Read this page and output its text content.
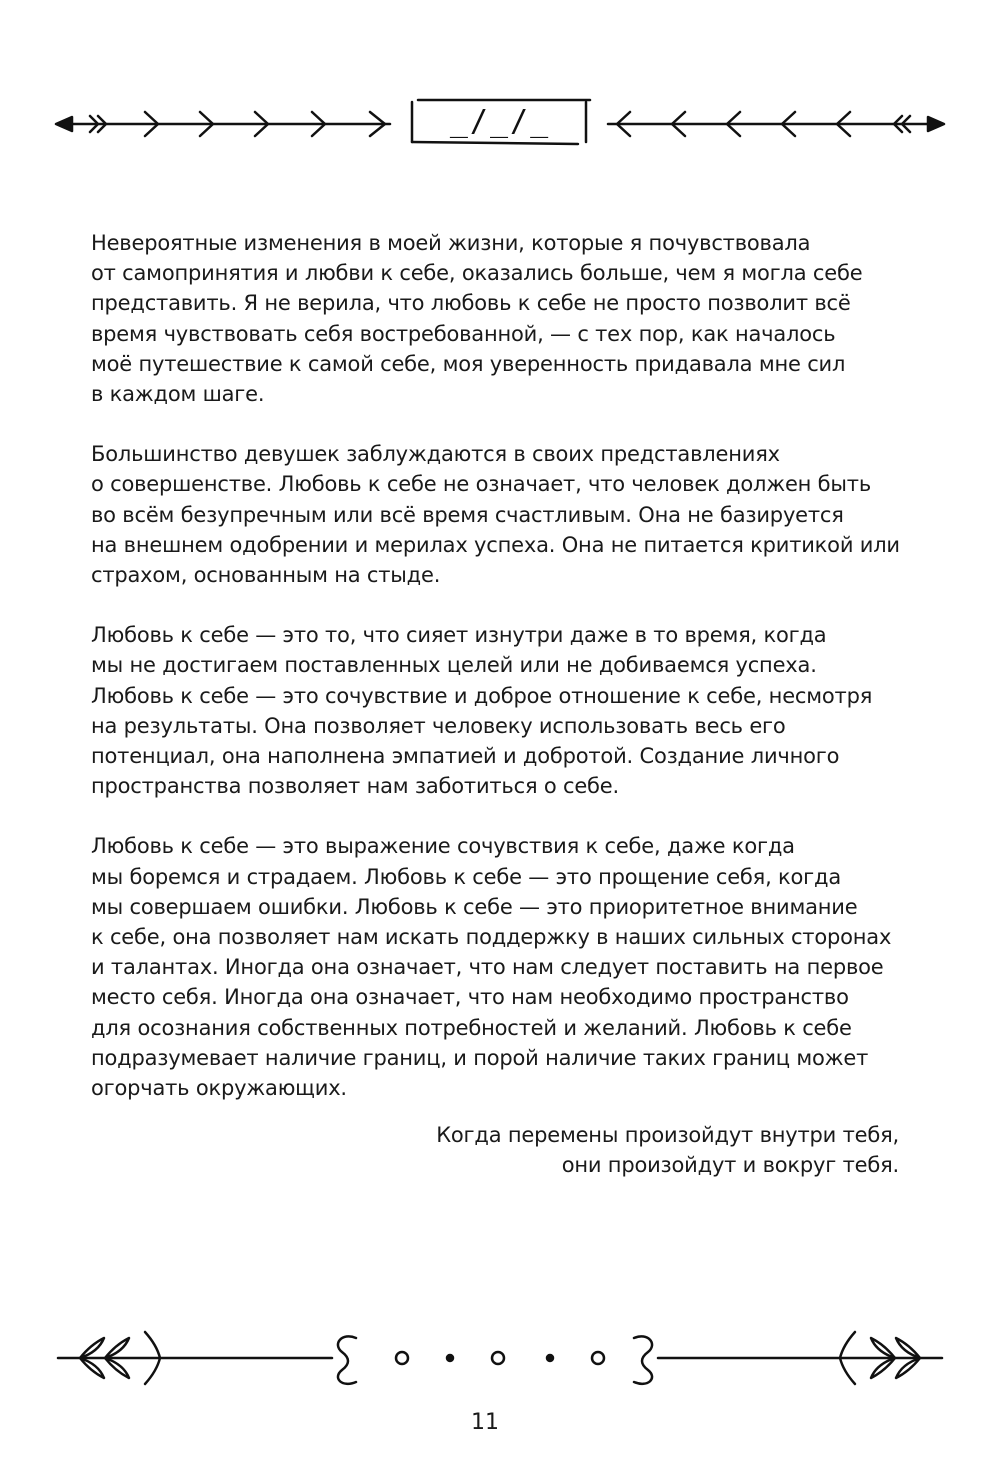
_/_/_

Невероятные изменения в моей жизни, которые я почувствовала
от самопринятия и любви к себе, оказались больше, чем я могла себе
представить. Я не верила, что любовь к себе не просто позволит всё
время чувствовать себя востребованной, — с тех пор, как началось
моё путешествие к самой себе, моя уверенность придавала мне сил
в каждом шаге.

Большинство девушек заблуждаются в своих представлениях
о совершенстве. Любовь к себе не означает, что человек должен быть
во всём безупречным или всё время счастливым. Она не базируется
на внешнем одобрении и мерилах успеха. Она не питается критикой или
страхом, основанным на стыде.

Любовь к себе — это то, что сияет изнутри даже в то время, когда
мы не достигаем поставленных целей или не добиваемся успеха.
Любовь к себе — это сочувствие и доброе отношение к себе, несмотря
на результаты. Она позволяет человеку использовать весь его
потенциал, она наполнена эмпатией и добротой. Создание личного
пространства позволяет нам заботиться о себе.

Любовь к себе — это выражение сочувствия к себе, даже когда
мы боремся и страдаем. Любовь к себе — это прощение себя, когда
мы совершаем ошибки. Любовь к себе — это приоритетное внимание
к себе, она позволяет нам искать поддержку в наших сильных сторонах
и талантах. Иногда она означает, что нам следует поставить на первое
место себя. Иногда она означает, что нам необходимо пространство
для осознания собственных потребностей и желаний. Любовь к себе
подразумевает наличие границ, и порой наличие таких границ может
огорчать окружающих.

Когда перемены произойдут внутри тебя,
они произойдут и вокруг тебя.
11
